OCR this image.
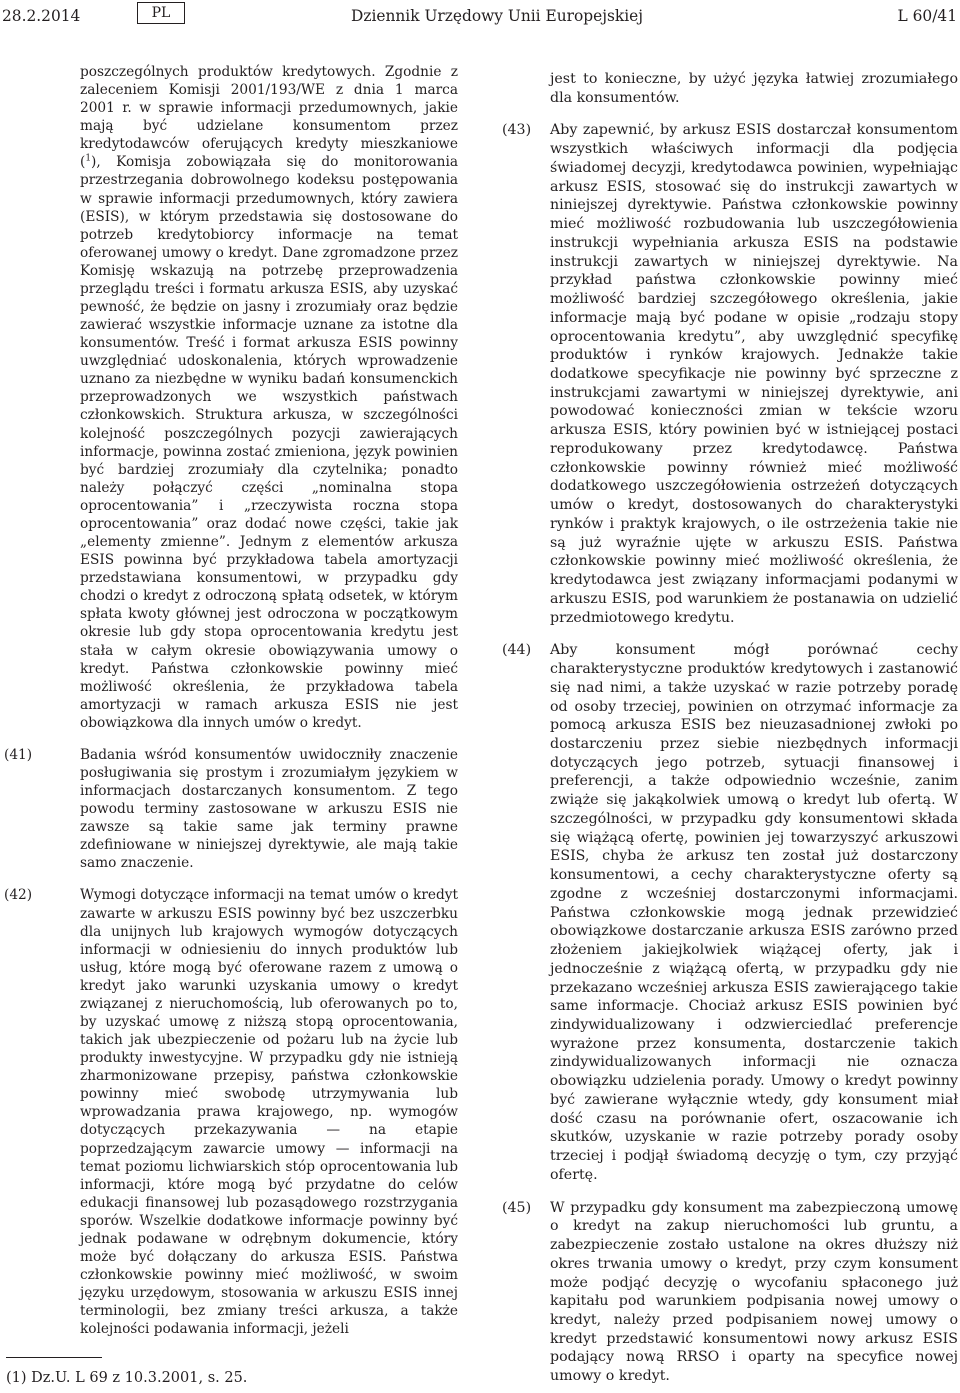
28.2.2014	PL	Dziennik Urzędowy Unii Europejskiej	L 60/41

poszczególnych produktów kredytowych. Zgodnie z zaleceniem Komisji 2001/193/WE z dnia 1 marca 2001 r. w sprawie informacji przedumownych, jakie mają być udzielane konsumentom przez kredytodawców oferujących kredyty mieszkaniowe ($^1$), Komisja zobowiązała się do monitorowania przestrzegania dobrowolnego kodeksu postępowania w sprawie informacji przedumownych, który zawiera (ESIS), w którym przedstawia się dostosowane do potrzeb kredytobiorcy informacje na temat oferowanej umowy o kredyt. Dane zgromadzone przez Komisję wskazują na potrzebę przeprowadzenia przeglądu treści i formatu arkusza ESIS, aby uzyskać pewność, że będzie on jasny i zrozumiały oraz będzie zawierać wszystkie informacje uznane za istotne dla konsumentów. Treść i format arkusza ESIS powinny uwzględniać udoskonalenia, których wprowadzenie uznano za niezbędne w wyniku badań konsumenckich przeprowadzonych we wszystkich państwach członkowskich. Struktura arkusza, w szczególności kolejność poszczególnych pozycji zawierających informacje, powinna zostać zmieniona, język powinien być bardziej zrozumiały dla czytelnika; ponadto należy połączyć części „nominalna stopa oprocentowania” i „rzeczywista roczna stopa oprocentowania” oraz dodać nowe części, takie jak „elementy zmienne”. Jednym z elementów arkusza ESIS powinna być przykładowa tabela amortyzacji przedstawiana konsumentowi, w przypadku gdy chodzi o kredyt z odroczoną spłatą odsetek, w którym spłata kwoty głównej jest odroczona w początkowym okresie lub gdy stopa oprocentowania kredytu jest stała w całym okresie obowiązywania umowy o kredyt. Państwa członkowskie powinny mieć możliwość określenia, że przykładowa tabela amortyzacji w ramach arkusza ESIS nie jest obowiązkowa dla innych umów o kredyt.

(41)	Badania wśród konsumentów uwidoczniły znaczenie posługiwania się prostym i zrozumiałym językiem w informacjach dostarczanych konsumentom. Z tego powodu terminy zastosowane w arkuszu ESIS nie zawsze są takie same jak terminy prawne zdefiniowane w niniejszej dyrektywie, ale mają takie samo znaczenie.

(42)	Wymogi dotyczące informacji na temat umów o kredyt zawarte w arkuszu ESIS powinny być bez uszczerbku dla unijnych lub krajowych wymogów dotyczących informacji w odniesieniu do innych produktów lub usług, które mogą być oferowane razem z umową o kredyt jako warunki uzyskania umowy o kredyt związanej z nieruchomością, lub oferowanych po to, by uzyskać umowę z niższą stopą oprocentowania, takich jak ubezpieczenie od pożaru lub na życie lub produkty inwestycyjne. W przypadku gdy nie istnieją zharmonizowane przepisy, państwa członkowskie powinny mieć swobodę utrzymywania lub wprowadzania prawa krajowego, np. wymogów dotyczących przekazywania — na etapie poprzedzającym zawarcie umowy — informacji na temat poziomu lichwiarskich stóp oprocentowania lub informacji, które mogą być przydatne do celów edukacji finansowej lub pozasądowego rozstrzygania sporów. Wszelkie dodatkowe informacje powinny być jednak podawane w odrębnym dokumencie, który może być dołączany do arkusza ESIS. Państwa członkowskie powinny mieć możliwość, w swoim języku urzędowym, stosowania w arkuszu ESIS innej terminologii, bez zmiany treści arkusza, a także kolejności podawania informacji, jeżeli

(1) Dz.U. L 69 z 10.3.2001, s. 25.

jest to konieczne, by użyć języka łatwiej zrozumiałego dla konsumentów.

(43) Aby zapewnić, by arkusz ESIS dostarczał konsumentom wszystkich właściwych informacji dla podjęcia świadomej decyzji, kredytodawca powinien, wypełniając arkusz ESIS, stosować się do instrukcji zawartych w niniejszej dyrektywie. Państwa członkowskie powinny mieć możliwość rozbudowania lub uszczegółowienia instrukcji wypełniania arkusza ESIS na podstawie instrukcji zawartych w niniejszej dyrektywie. Na przykład państwa członkowskie powinny mieć możliwość bardziej szczegółowego określenia, jakie informacje mają być podane w opisie „rodzaju stopy oprocentowania kredytu”, aby uwzględnić specyfikę produktów i rynków krajowych. Jednakże takie dodatkowe specyfikacje nie powinny być sprzeczne z instrukcjami zawartymi w niniejszej dyrektywie, ani powodować konieczności zmian w tekście wzoru arkusza ESIS, który powinien być w istniejącej postaci reprodukowany przez kredytodawcę. Państwa członkowskie powinny również mieć możliwość dodatkowego uszczegółowienia ostrzeżeń dotyczących umów o kredyt, dostosowanych do charakterystyki rynków i praktyk krajowych, o ile ostrzeżenia takie nie są już wyraźnie ujęte w arkuszu ESIS. Państwa członkowskie powinny mieć możliwość określenia, że kredytodawca jest związany informacjami podanymi w arkuszu ESIS, pod warunkiem że postanawia on udzielić przedmiotowego kredytu.

(44) Aby konsument mógł porównać cechy charakterystyczne produktów kredytowych i zastanowić się nad nimi, a także uzyskać w razie potrzeby poradę od osoby trzeciej, powinien on otrzymać informacje za pomocą arkusza ESIS bez nieuzasadnionej zwłoki po dostarczeniu przez siebie niezbędnych informacji dotyczących jego potrzeb, sytuacji finansowej i preferencji, a także odpowiednio wcześnie, zanim zwiąże się jakąkolwiek umową o kredyt lub ofertą. W szczególności, w przypadku gdy konsumentowi składa się wiążącą ofertę, powinien jej towarzyszyć arkuszowi ESIS, chyba że arkusz ten został już dostarczony konsumentowi, a cechy charakterystyczne oferty są zgodne z wcześniej dostarczonymi informacjami. Państwa członkowskie mogą jednak przewidzieć obowiązkowe dostarczanie arkusza ESIS zarówno przed złożeniem jakiejkolwiek wiążącej oferty, jak i jednocześnie z wiążącą ofertą, w przypadku gdy nie przekazano wcześniej arkusza ESIS zawierającego takie same informacje. Chociaż arkusz ESIS powinien być zindywidualizowany i odzwierciedlać preferencje wyrażone przez konsumenta, dostarczenie takich zindywidualizowanych informacji nie oznacza obowiązku udzielenia porady. Umowy o kredyt powinny być zawierane wyłącznie wtedy, gdy konsument miał dość czasu na porównanie ofert, oszacowanie ich skutków, uzyskanie w razie potrzeby porady osoby trzeciej i podjął świadomą decyzję o tym, czy przyjąć ofertę.

(45) W przypadku gdy konsument ma zabezpieczoną umowę o kredyt na zakup nieruchomości lub gruntu, a zabezpieczenie zostało ustalone na okres dłuższy niż okres trwania umowy o kredyt, przy czym konsument może podjąć decyzję o wycofaniu spłaconego już kapitału pod warunkiem podpisania nowej umowy o kredyt, należy przed podpisaniem nowej umowy o kredyt przedstawić konsumentowi nowy arkusz ESIS podający nową RRSO i oparty na specyfice nowej umowy o kredyt.
